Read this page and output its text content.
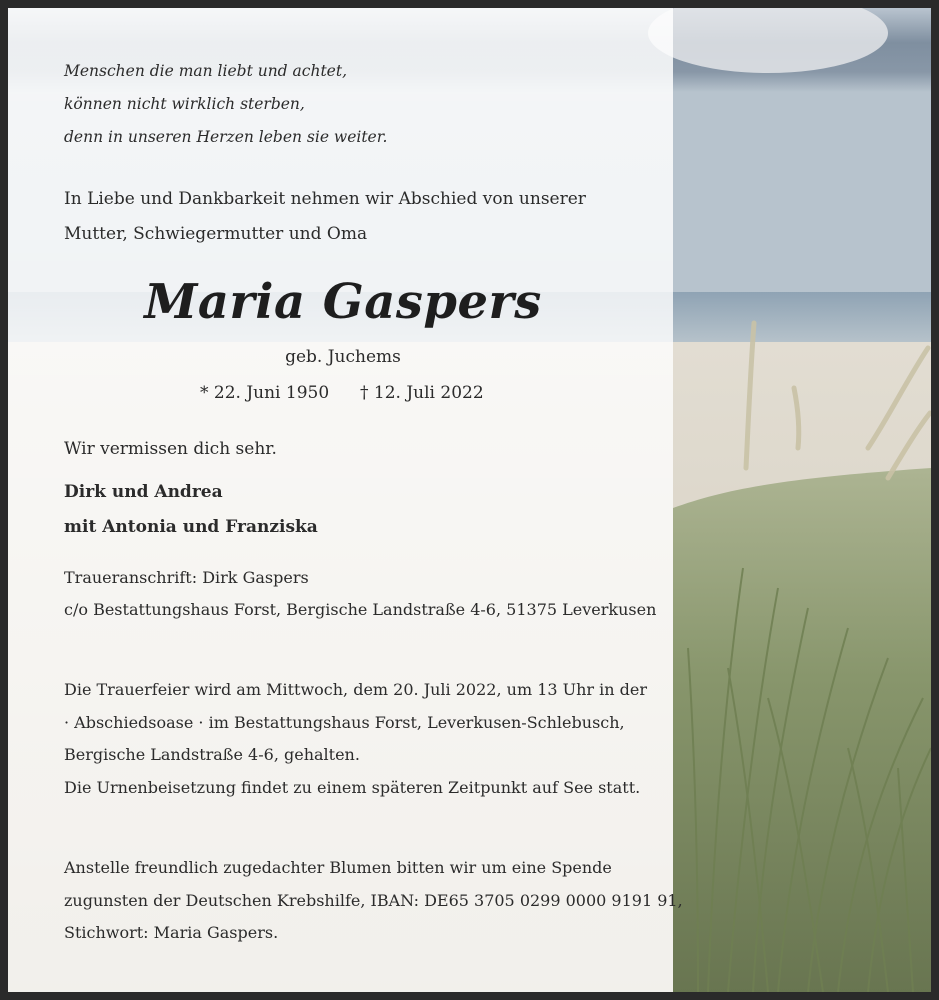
Menschen die man liebt und achtet,
können nicht wirklich sterben,
denn in unseren Herzen leben sie weiter.
In Liebe und Dankbarkeit nehmen wir Abschied von unserer
Mutter, Schwiegermutter und Oma
Maria Gaspers
geb. Juchems
* 22. Juni 1950 † 12. Juli 2022
Wir vermissen dich sehr.
Dirk und Andrea
mit Antonia und Franziska
Traueranschrift: Dirk Gaspers
c/o Bestattungshaus Forst, Bergische Landstraße 4-6, 51375 Leverkusen
Die Trauerfeier wird am Mittwoch, dem 20. Juli 2022, um 13 Uhr in der
· Abschiedsoase · im Bestattungshaus Forst, Leverkusen-Schlebusch,
Bergische Landstraße 4-6, gehalten.
Die Urnenbeisetzung findet zu einem späteren Zeitpunkt auf See statt.
Anstelle freundlich zugedachter Blumen bitten wir um eine Spende
zugunsten der Deutschen Krebshilfe, IBAN: DE65 3705 0299 0000 9191 91,
Stichwort: Maria Gaspers.
